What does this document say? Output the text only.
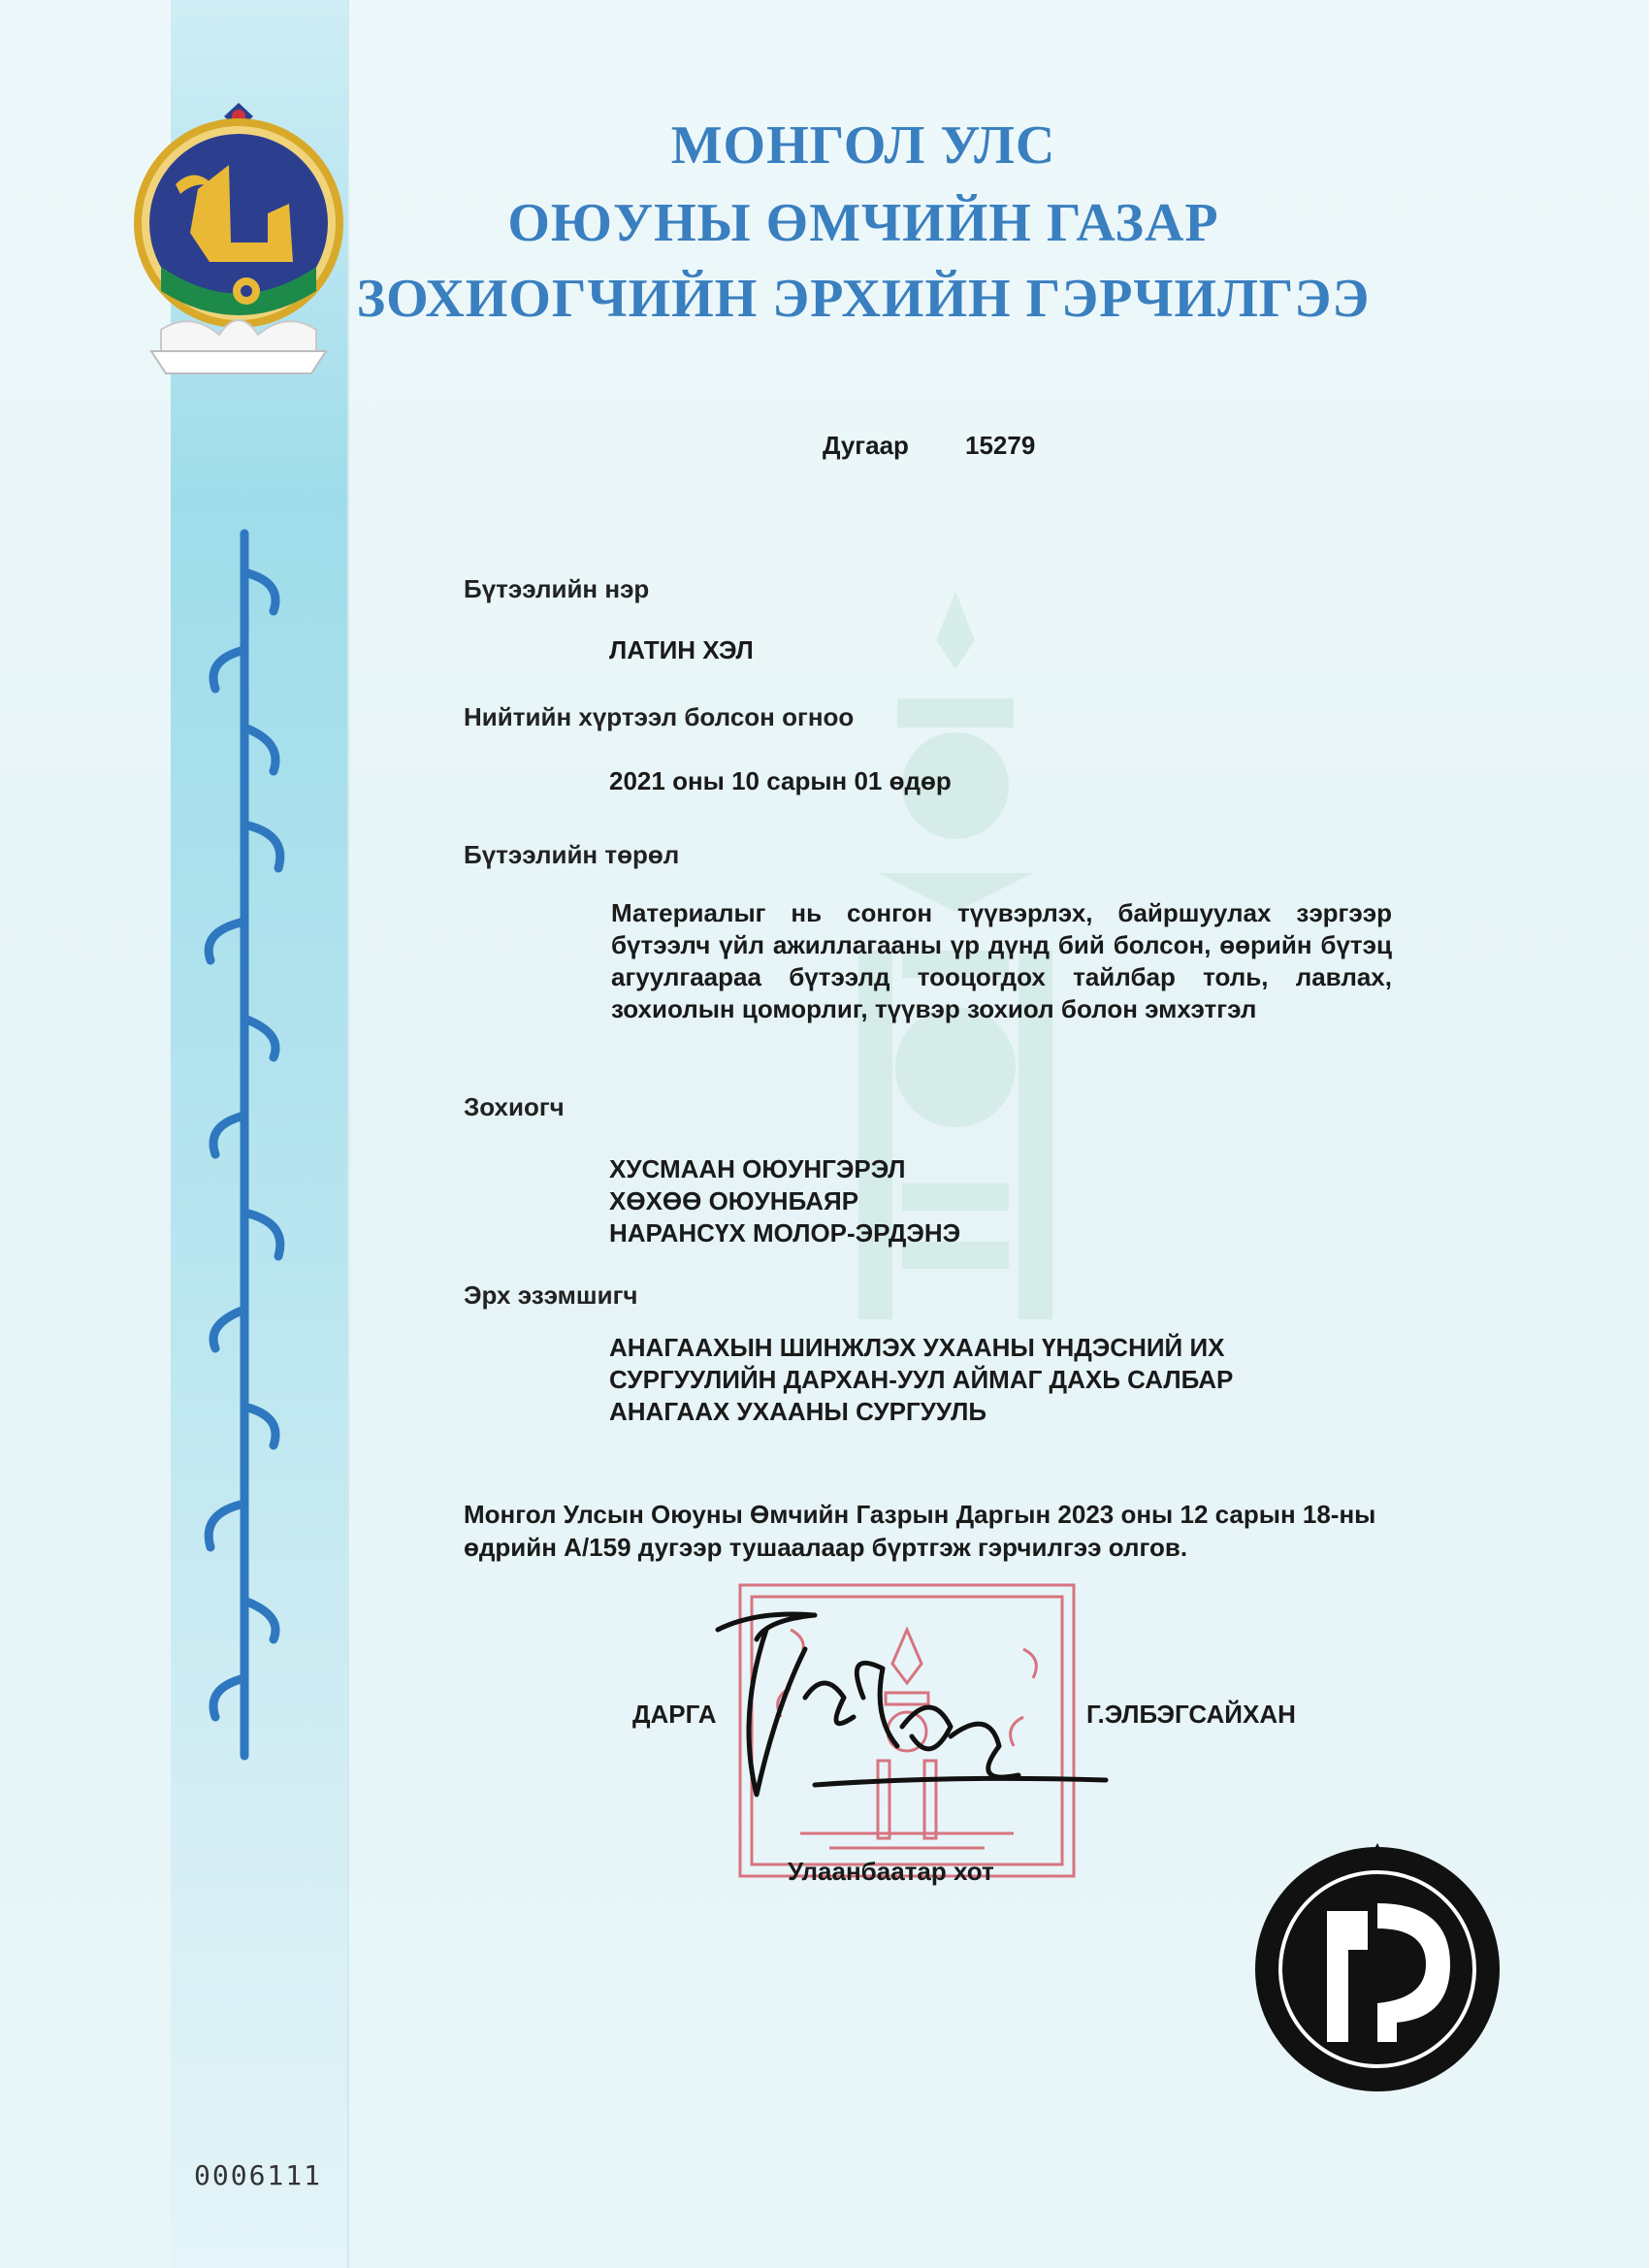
МОНГОЛ УЛС
ОЮУНЫ ӨМЧИЙН ГАЗАР
ЗОХИОГЧИЙН ЭРХИЙН ГЭРЧИЛГЭЭ
Дугаар 15279
Бүтээлийн нэр
ЛАТИН ХЭЛ
Нийтийн хүртээл болсон огноо
2021 оны 10 сарын 01 өдөр
Бүтээлийн төрөл
Материалыг нь сонгон түүвэрлэх, байршуулах зэргээр бүтээлч үйл ажиллагааны үр дүнд бий болсон, өөрийн бүтэц агуулгаараа бүтээлд тооцогдох тайлбар толь, лавлах, зохиолын цоморлиг, түүвэр зохиол болон эмхэтгэл
Зохиогч
ХУСМААН ОЮУНГЭРЭЛ
ХӨХӨӨ ОЮУНБАЯР
НАРАНСҮХ МОЛОР-ЭРДЭНЭ
Эрх эзэмшигч
АНАГААХЫН ШИНЖЛЭХ УХААНЫ ҮНДЭСНИЙ ИХ
СУРГУУЛИЙН ДАРХАН-УУЛ АЙМАГ ДАХЬ САЛБАР
АНАГААХ УХААНЫ СУРГУУЛЬ
Монгол Улсын Оюуны Өмчийн Газрын Даргын 2023 оны 12 сарын 18-ны
өдрийн А/159 дугээр тушаалаар бүртгэж гэрчилгээ олгов.
ДАРГА	Г.ЭЛБЭГСАЙХАН
Улаанбаатар хот
0006111
